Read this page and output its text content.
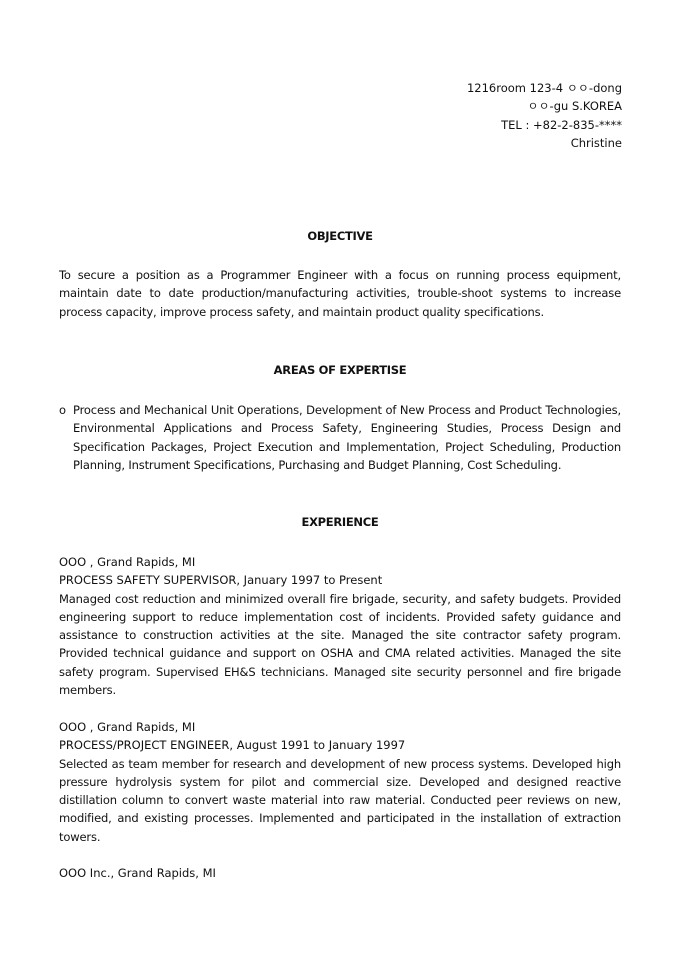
1216room 123-4 ㅇㅇ-dong
ㅇㅇ-gu S.KOREA
TEL : +82-2-835-****
Christine
OBJECTIVE
To secure a position as a Programmer Engineer with a focus on running process equipment, maintain date to date production/manufacturing activities, trouble-shoot systems to increase process capacity, improve process safety, and maintain product quality specifications.
AREAS OF EXPERTISE
o Process and Mechanical Unit Operations, Development of New Process and Product Technologies, Environmental Applications and Process Safety, Engineering Studies, Process Design and Specification Packages, Project Execution and Implementation, Project Scheduling, Production Planning, Instrument Specifications, Purchasing and Budget Planning, Cost Scheduling.
EXPERIENCE
OOO , Grand Rapids, MI
PROCESS SAFETY SUPERVISOR, January 1997 to Present
Managed cost reduction and minimized overall fire brigade, security, and safety budgets. Provided engineering support to reduce implementation cost of incidents. Provided safety guidance and assistance to construction activities at the site. Managed the site contractor safety program. Provided technical guidance and support on OSHA and CMA related activities. Managed the site safety program. Supervised EH&S technicians. Managed site security personnel and fire brigade members.
OOO , Grand Rapids, MI
PROCESS/PROJECT ENGINEER, August 1991 to January 1997
Selected as team member for research and development of new process systems. Developed high pressure hydrolysis system for pilot and commercial size. Developed and designed reactive distillation column to convert waste material into raw material. Conducted peer reviews on new, modified, and existing processes. Implemented and participated in the installation of extraction towers.
OOO Inc., Grand Rapids, MI
